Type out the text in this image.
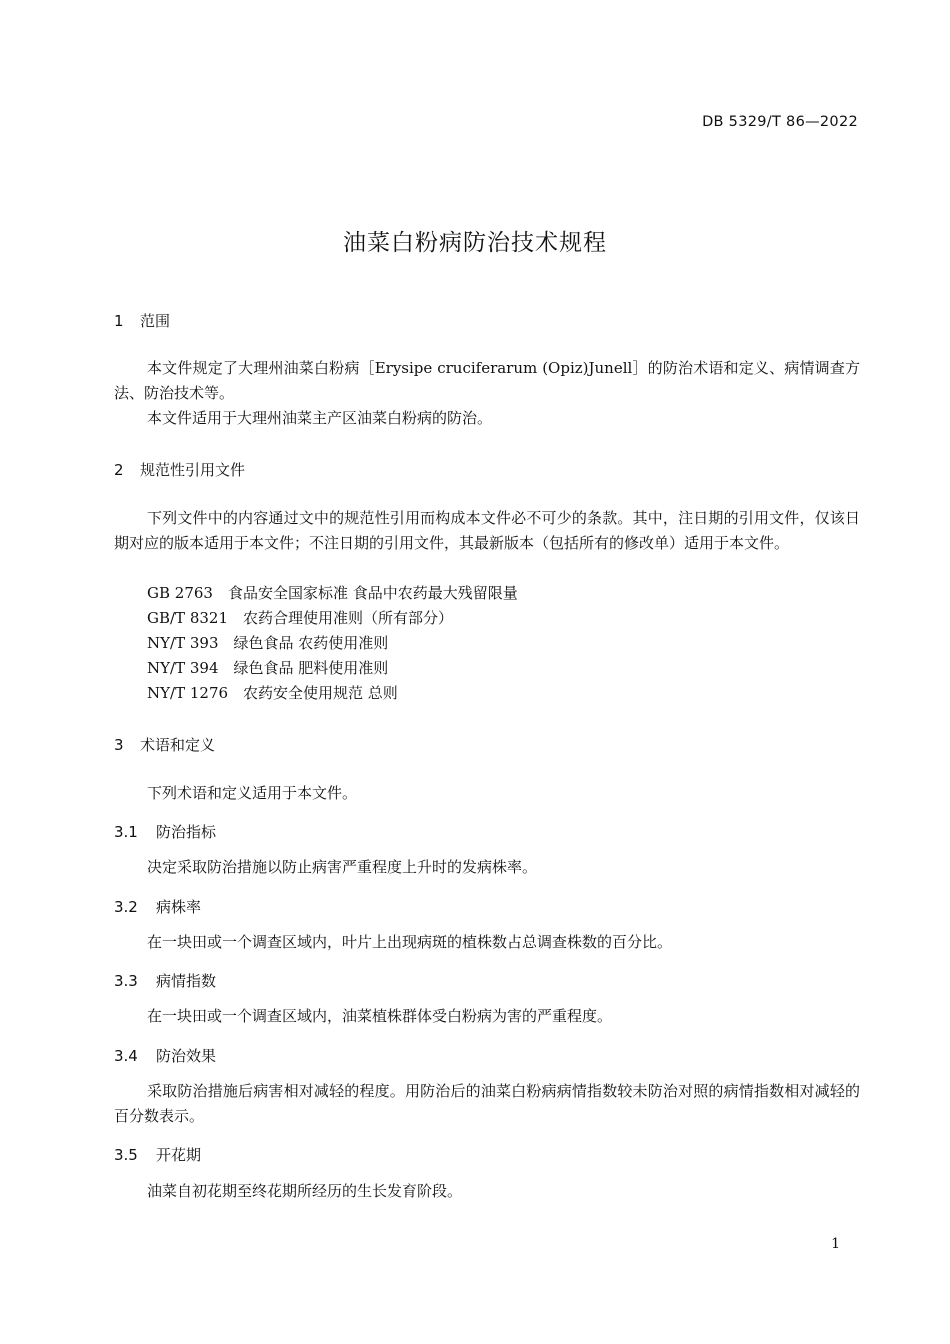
DB 5329/T 86—2022
油菜白粉病防治技术规程
1 范围
本文件规定了大理州油菜白粉病［Erysipe cruciferarum (Opiz)Junell］的防治术语和定义、病情调查方法、防治技术等。
本文件适用于大理州油菜主产区油菜白粉病的防治。
2 规范性引用文件
下列文件中的内容通过文中的规范性引用而构成本文件必不可少的条款。其中，注日期的引用文件，仅该日期对应的版本适用于本文件；不注日期的引用文件，其最新版本（包括所有的修改单）适用于本文件。
GB 2763　食品安全国家标准 食品中农药最大残留限量
GB/T 8321　农药合理使用准则（所有部分）
NY/T 393　绿色食品 农药使用准则
NY/T 394　绿色食品 肥料使用准则
NY/T 1276　农药安全使用规范 总则
3 术语和定义
下列术语和定义适用于本文件。
3.1 防治指标
决定采取防治措施以防止病害严重程度上升时的发病株率。
3.2 病株率
在一块田或一个调查区域内，叶片上出现病斑的植株数占总调查株数的百分比。
3.3 病情指数
在一块田或一个调查区域内，油菜植株群体受白粉病为害的严重程度。
3.4 防治效果
采取防治措施后病害相对减轻的程度。用防治后的油菜白粉病病情指数较未防治对照的病情指数相对减轻的百分数表示。
3.5 开花期
油菜自初花期至终花期所经历的生长发育阶段。
1
